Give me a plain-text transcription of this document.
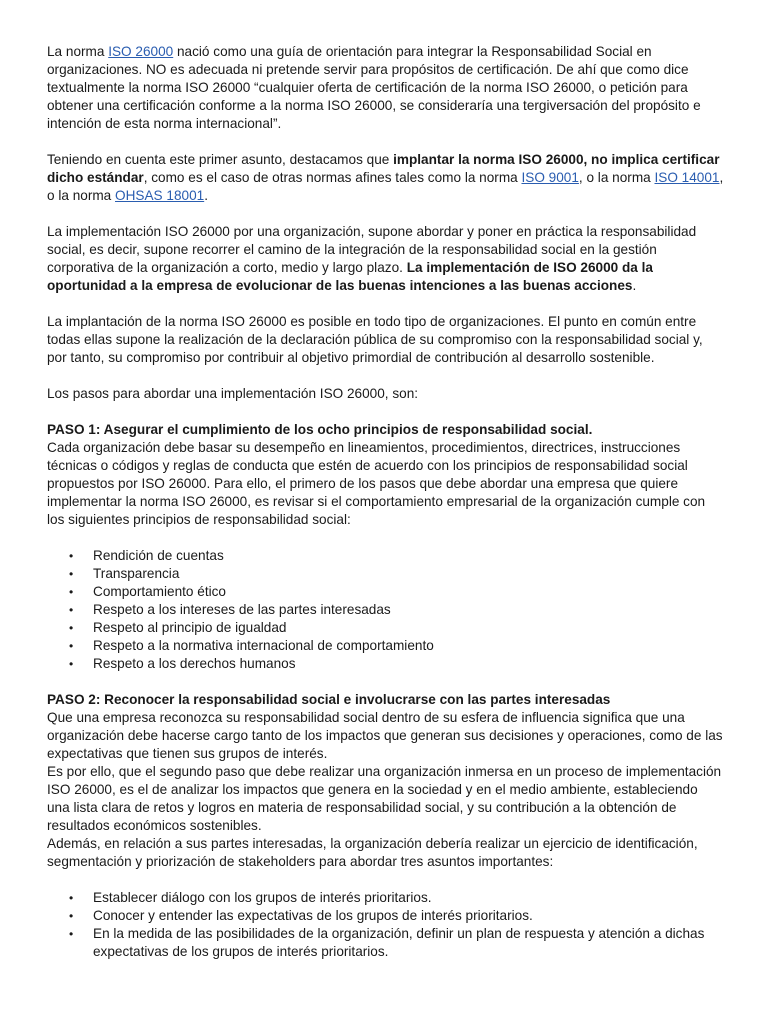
La norma ISO 26000 nació como una guía de orientación para integrar la Responsabilidad Social en organizaciones. NO es adecuada ni pretende servir para propósitos de certificación. De ahí que como dice textualmente la norma ISO 26000 “cualquier oferta de certificación de la norma ISO 26000, o petición para obtener una certificación conforme a la norma ISO 26000, se consideraría una tergiversación del propósito e intención de esta norma internacional”.

Teniendo en cuenta este primer asunto, destacamos que implantar la norma ISO 26000, no implica certificar dicho estándar, como es el caso de otras normas afines tales como la norma ISO 9001, o la norma ISO 14001, o la norma OHSAS 18001.

La implementación ISO 26000 por una organización, supone abordar y poner en práctica la responsabilidad social, es decir, supone recorrer el camino de la integración de la responsabilidad social en la gestión corporativa de la organización a corto, medio y largo plazo. La implementación de ISO 26000 da la oportunidad a la empresa de evolucionar de las buenas intenciones a las buenas acciones.

La implantación de la norma ISO 26000 es posible en todo tipo de organizaciones. El punto en común entre todas ellas supone la realización de la declaración pública de su compromiso con la responsabilidad social y, por tanto, su compromiso por contribuir al objetivo primordial de contribución al desarrollo sostenible.

Los pasos para abordar una implementación ISO 26000, son:

PASO 1: Asegurar el cumplimiento de los ocho principios de responsabilidad social.

Cada organización debe basar su desempeño en lineamientos, procedimientos, directrices, instrucciones técnicas o códigos y reglas de conducta que estén de acuerdo con los principios de responsabilidad social propuestos por ISO 26000. Para ello, el primero de los pasos que debe abordar una empresa que quiere implementar la norma ISO 26000, es revisar si el comportamiento empresarial de la organización cumple con los siguientes principios de responsabilidad social:

• Rendición de cuentas
• Transparencia
• Comportamiento ético
• Respeto a los intereses de las partes interesadas
• Respeto al principio de igualdad
• Respeto a la normativa internacional de comportamiento
• Respeto a los derechos humanos

PASO 2: Reconocer la responsabilidad social e involucrarse con las partes interesadas

Que una empresa reconozca su responsabilidad social dentro de su esfera de influencia significa que una organización debe hacerse cargo tanto de los impactos que generan sus decisiones y operaciones, como de las expectativas que tienen sus grupos de interés.

Es por ello, que el segundo paso que debe realizar una organización inmersa en un proceso de implementación ISO 26000, es el de analizar los impactos que genera en la sociedad y en el medio ambiente, estableciendo una lista clara de retos y logros en materia de responsabilidad social, y su contribución a la obtención de resultados económicos sostenibles.

Además, en relación a sus partes interesadas, la organización debería realizar un ejercicio de identificación, segmentación y priorización de stakeholders para abordar tres asuntos importantes:

• Establecer diálogo con los grupos de interés prioritarios.
• Conocer y entender las expectativas de los grupos de interés prioritarios.
• En la medida de las posibilidades de la organización, definir un plan de respuesta y atención a dichas expectativas de los grupos de interés prioritarios.
